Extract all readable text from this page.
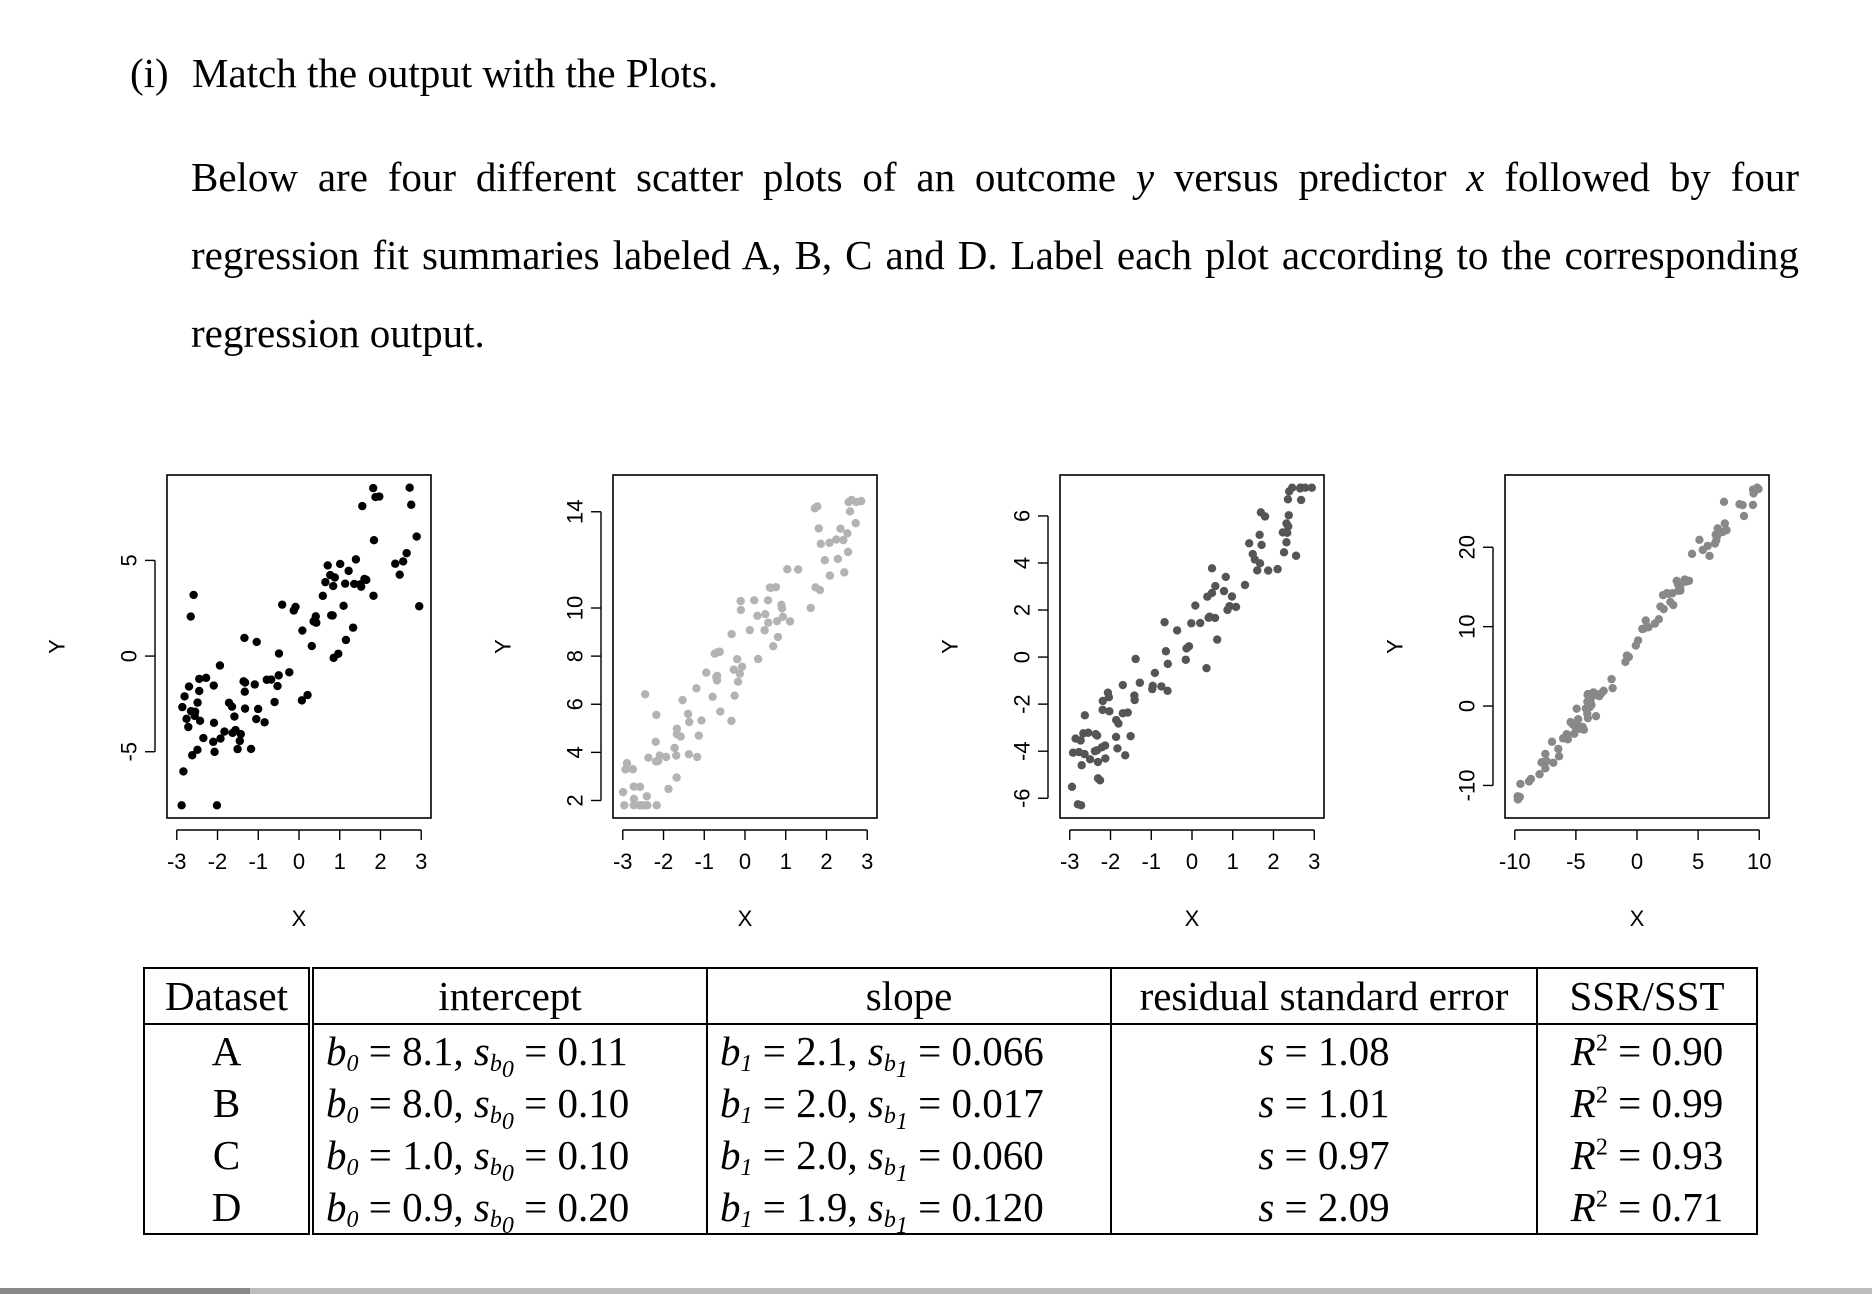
(i) Match the output with the Plots.
Below are four different scatter plots of an outcome y versus predictor x followed by four regression fit summaries labeled A, B, C and D. Label each plot according to the corresponding regression output.
-3 -2 -1 0 1 2 3
-5
0
5
X
Y
-3 -2 -1 0 1 2 3
2
4
6
8
10
14
X
Y
-3 -2 -1 0 1 2 3
-6
-4
-2
0
2
4
6
X
Y
-10 -5 0 5 10
-10
0
10
20
X
Y
Dataset	intercept	slope	residual standard error	SSR/SST
A	$b_0 = 8.1$, $s_{b_0} = 0.11$	$b_1 = 2.1$, $s_{b_1} = 0.066$	s = 1.08	$R^2 = 0.90$
B	$b_0 = 8.0$, $s_{b_0} = 0.10$	$b_1 = 2.0$, $s_{b_1} = 0.017$	s = 1.01	$R^2 = 0.99$
C	$b_0 = 1.0$, $s_{b_0} = 0.10$	$b_1 = 2.0$, $s_{b_1} = 0.060$	s = 0.97	$R^2 = 0.93$
D	$b_0 = 0.9$, $s_{b_0} = 0.20$	$b_1 = 1.9$, $s_{b_1} = 0.120$	s = 2.09	$R^2 = 0.71$
